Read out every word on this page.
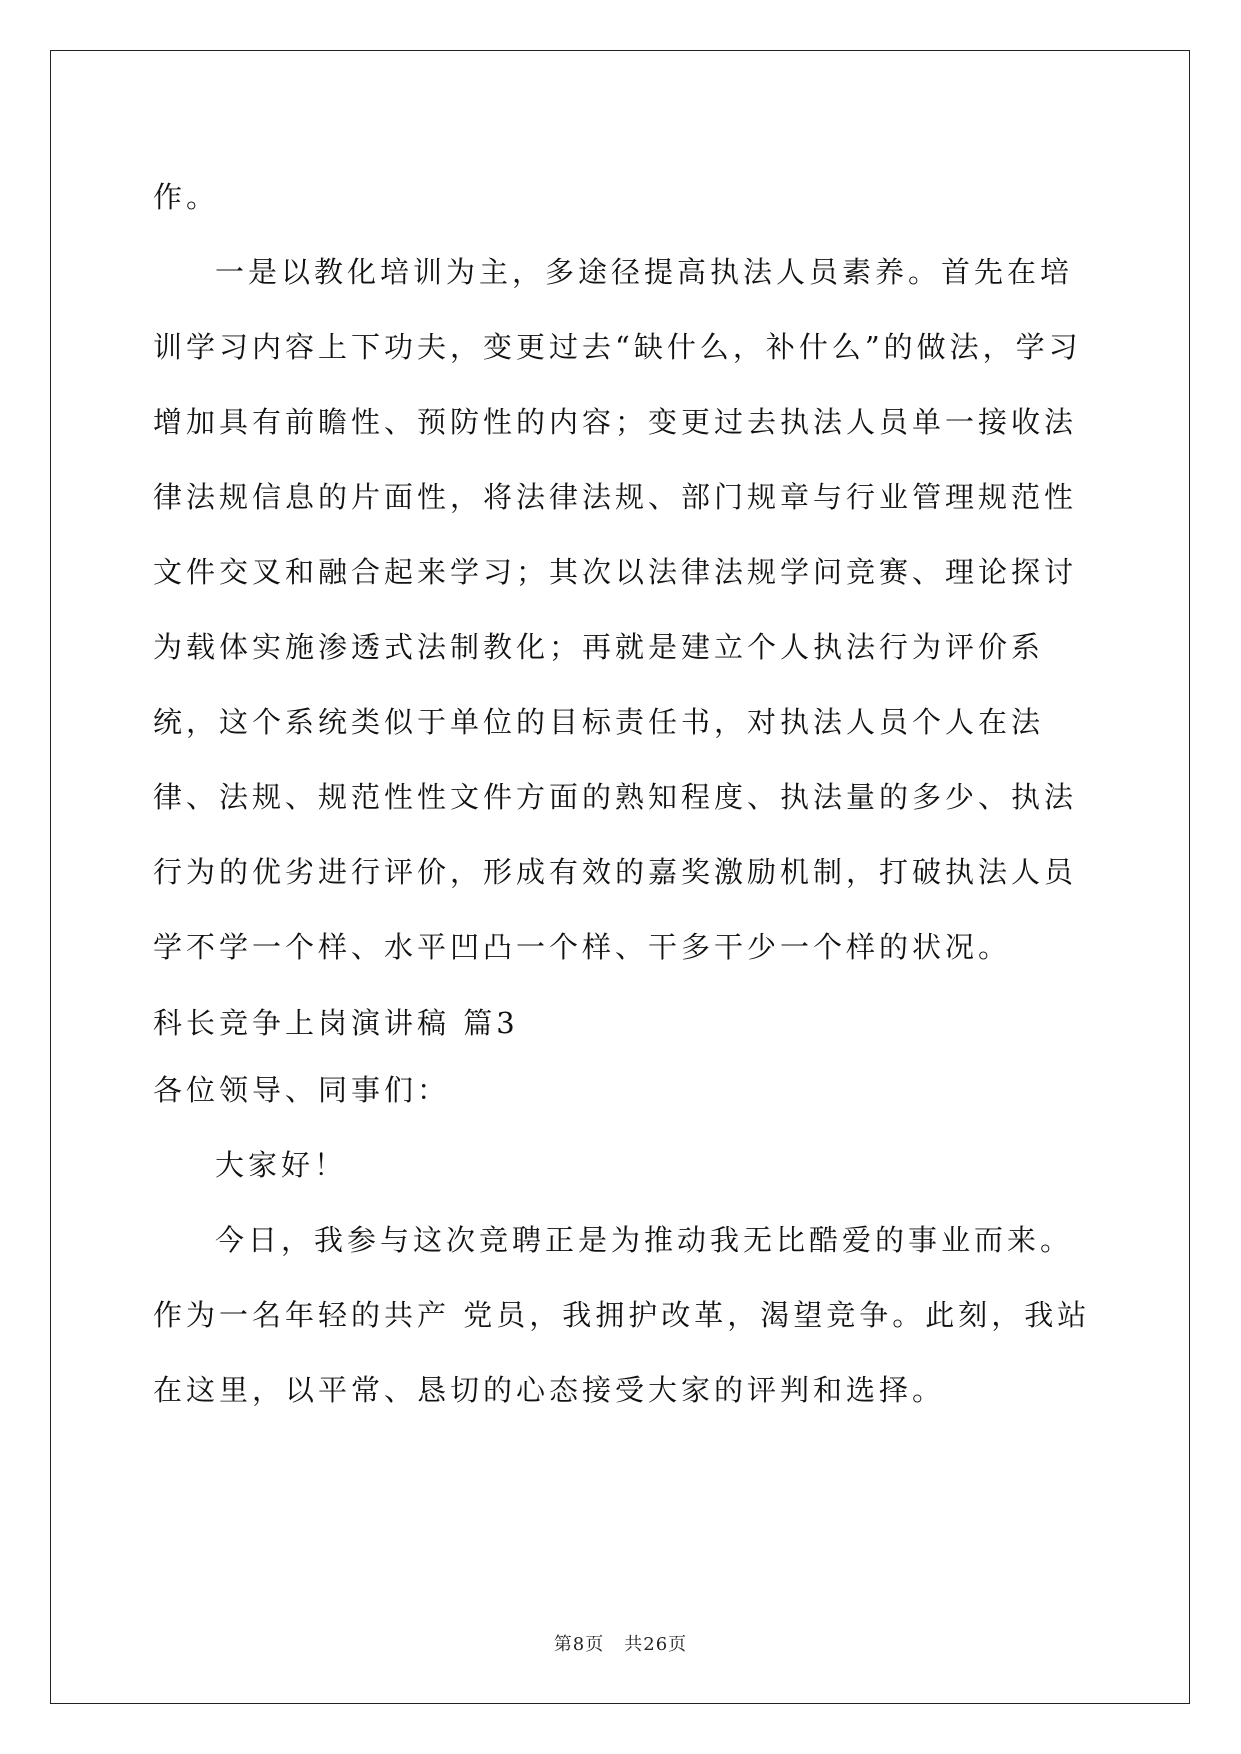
作。

一是以教化培训为主，多途径提高执法人员素养。首先在培训学习内容上下功夫，变更过去“缺什么，补什么”的做法，学习增加具有前瞻性、预防性的内容；变更过去执法人员单一接收法律法规信息的片面性，将法律法规、部门规章与行业管理规范性文件交叉和融合起来学习；其次以法律法规学问竞赛、理论探讨为载体实施渗透式法制教化；再就是建立个人执法行为评价系统，这个系统类似于单位的目标责任书，对执法人员个人在法律、法规、规范性性文件方面的熟知程度、执法量的多少、执法行为的优劣进行评价，形成有效的嘉奖激励机制，打破执法人员学不学一个样、水平凹凸一个样、干多干少一个样的状况。

科长竞争上岗演讲稿 篇3

各位领导、同事们：

大家好！

今日，我参与这次竞聘正是为推动我无比酷爱的事业而来。作为一名年轻的共产 党员，我拥护改革，渴望竞争。此刻，我站在这里，以平常、恳切的心态接受大家的评判和选择。

第8页 共26页
